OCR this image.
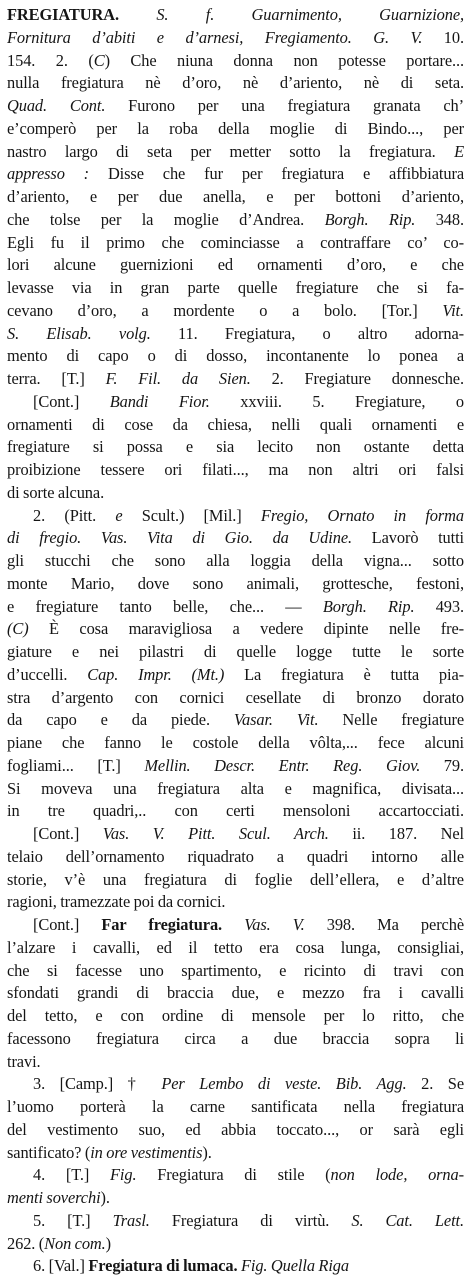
FREGIATURA. S. f. Guarnimento, Guarnizione,
Fornitura d’abiti e d’arnesi, Fregiamento. G. V. 10.
154. 2. (C) Che niuna donna non potesse portare...
nulla fregiatura nè d’oro, nè d’ariento, nè di seta.
Quad. Cont. Furono per una fregiatura granata ch’
e’comperò per la roba della moglie di Bindo..., per
nastro largo di seta per metter sotto la fregiatura. E
appresso : Disse che fur per fregiatura e affibbiatura
d’ariento, e per due anella, e per bottoni d’ariento,
che tolse per la moglie d’Andrea. Borgh. Rip. 348.
Egli fu il primo che cominciasse a contraffare co’ co-
lori alcune guernizioni ed ornamenti d’oro, e che
levasse via in gran parte quelle fregiature che si fa-
cevano d’oro, a mordente o a bolo. [Tor.] Vit.
S. Elisab. volg. 11. Fregiatura, o altro adorna-
mento di capo o di dosso, incontanente lo ponea a
terra. [T.] F. Fil. da Sien. 2. Fregiature donnesche.
[Cont.] Bandi Fior. xxviii. 5. Fregiature, o
ornamenti di cose da chiesa, nelli quali ornamenti e
fregiature si possa e sia lecito non ostante detta
proibizione tessere ori filati..., ma non altri ori falsi
di sorte alcuna.
2. (Pitt. e Scult.) [Mil.] Fregio, Ornato in forma
di fregio. Vas. Vita di Gio. da Udine. Lavorò tutti
gli stucchi che sono alla loggia della vigna... sotto
monte Mario, dove sono animali, grottesche, festoni,
e fregiature tanto belle, che... — Borgh. Rip. 493.
(C) È cosa maravigliosa a vedere dipinte nelle fre-
giature e nei pilastri di quelle logge tutte le sorte
d’uccelli. Cap. Impr. (Mt.) La fregiatura è tutta pia-
stra d’argento con cornici cesellate di bronzo dorato
da capo e da piede. Vasar. Vit. Nelle fregiature
piane che fanno le costole della vôlta,... fece alcuni
fogliami... [T.] Mellin. Descr. Entr. Reg. Giov. 79.
Si moveva una fregiatura alta e magnifica, divisata...
in tre quadri,.. con certi mensoloni accartocciati.
[Cont.] Vas. V. Pitt. Scul. Arch. ii. 187. Nel
telaio dell’ornamento riquadrato a quadri intorno alle
storie, v’è una fregiatura di foglie dell’ellera, e d’altre
ragioni, tramezzate poi da cornici.
[Cont.] Far fregiatura. Vas. V. 398. Ma perchè
l’alzare i cavalli, ed il tetto era cosa lunga, consigliai,
che si facesse uno spartimento, e ricinto di travi con
sfondati grandi di braccia due, e mezzo fra i cavalli
del tetto, e con ordine di mensole per lo ritto, che
facessono fregiatura circa a due braccia sopra li
travi.
3. [Camp.] † Per Lembo di veste. Bib. Agg. 2. Se
l’uomo porterà la carne santificata nella fregiatura
del vestimento suo, ed abbia toccato..., or sarà egli
santificato? (in ore vestimentis).
4. [T.] Fig. Fregiatura di stile (non lode, orna-
menti soverchi).
5. [T.] Trasl. Fregiatura di virtù. S. Cat. Lett.
262. (Non com.)
6. [Val.] Fregiatura di lumaca. Fig. Quella Riga
